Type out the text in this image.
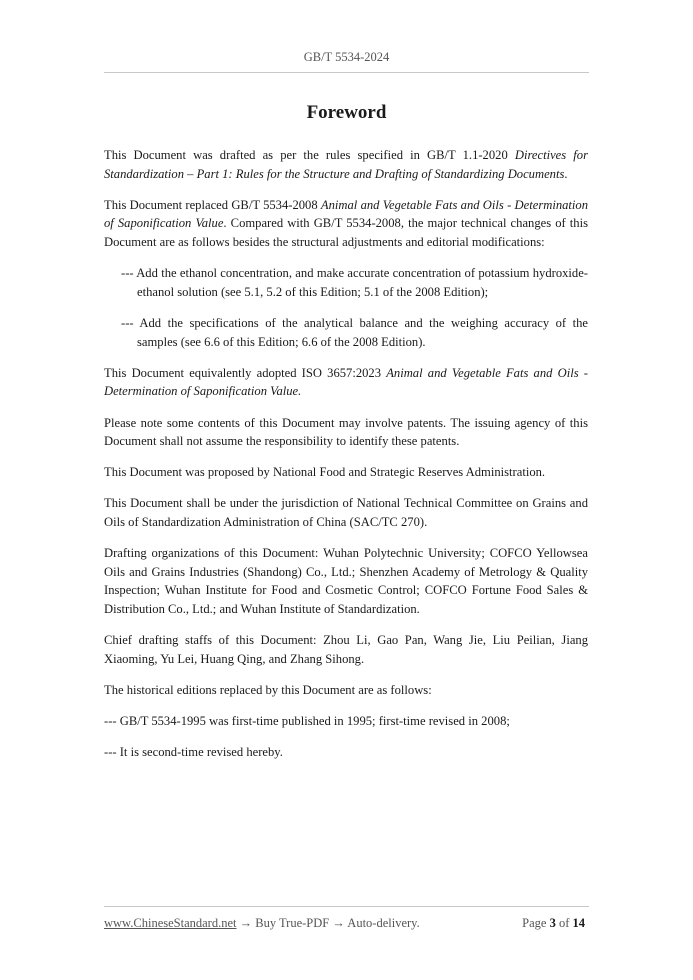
GB/T 5534-2024
Foreword

This Document was drafted as per the rules specified in GB/T 1.1-2020 Directives for Standardization – Part 1: Rules for the Structure and Drafting of Standardizing Documents.

This Document replaced GB/T 5534-2008 Animal and Vegetable Fats and Oils - Determination of Saponification Value. Compared with GB/T 5534-2008, the major technical changes of this Document are as follows besides the structural adjustments and editorial modifications:

--- Add the ethanol concentration, and make accurate concentration of potassium hydroxide-ethanol solution (see 5.1, 5.2 of this Edition; 5.1 of the 2008 Edition);

--- Add the specifications of the analytical balance and the weighing accuracy of the samples (see 6.6 of this Edition; 6.6 of the 2008 Edition).

This Document equivalently adopted ISO 3657:2023 Animal and Vegetable Fats and Oils - Determination of Saponification Value.

Please note some contents of this Document may involve patents. The issuing agency of this Document shall not assume the responsibility to identify these patents.

This Document was proposed by National Food and Strategic Reserves Administration.

This Document shall be under the jurisdiction of National Technical Committee on Grains and Oils of Standardization Administration of China (SAC/TC 270).

Drafting organizations of this Document: Wuhan Polytechnic University; COFCO Yellowsea Oils and Grains Industries (Shandong) Co., Ltd.; Shenzhen Academy of Metrology & Quality Inspection; Wuhan Institute for Food and Cosmetic Control; COFCO Fortune Food Sales & Distribution Co., Ltd.; and Wuhan Institute of Standardization.

Chief drafting staffs of this Document: Zhou Li, Gao Pan, Wang Jie, Liu Peilian, Jiang Xiaoming, Yu Lei, Huang Qing, and Zhang Sihong.

The historical editions replaced by this Document are as follows:

--- GB/T 5534-1995 was first-time published in 1995; first-time revised in 2008;

--- It is second-time revised hereby.

www.ChineseStandard.net → Buy True-PDF → Auto-delivery.	Page 3 of 14
